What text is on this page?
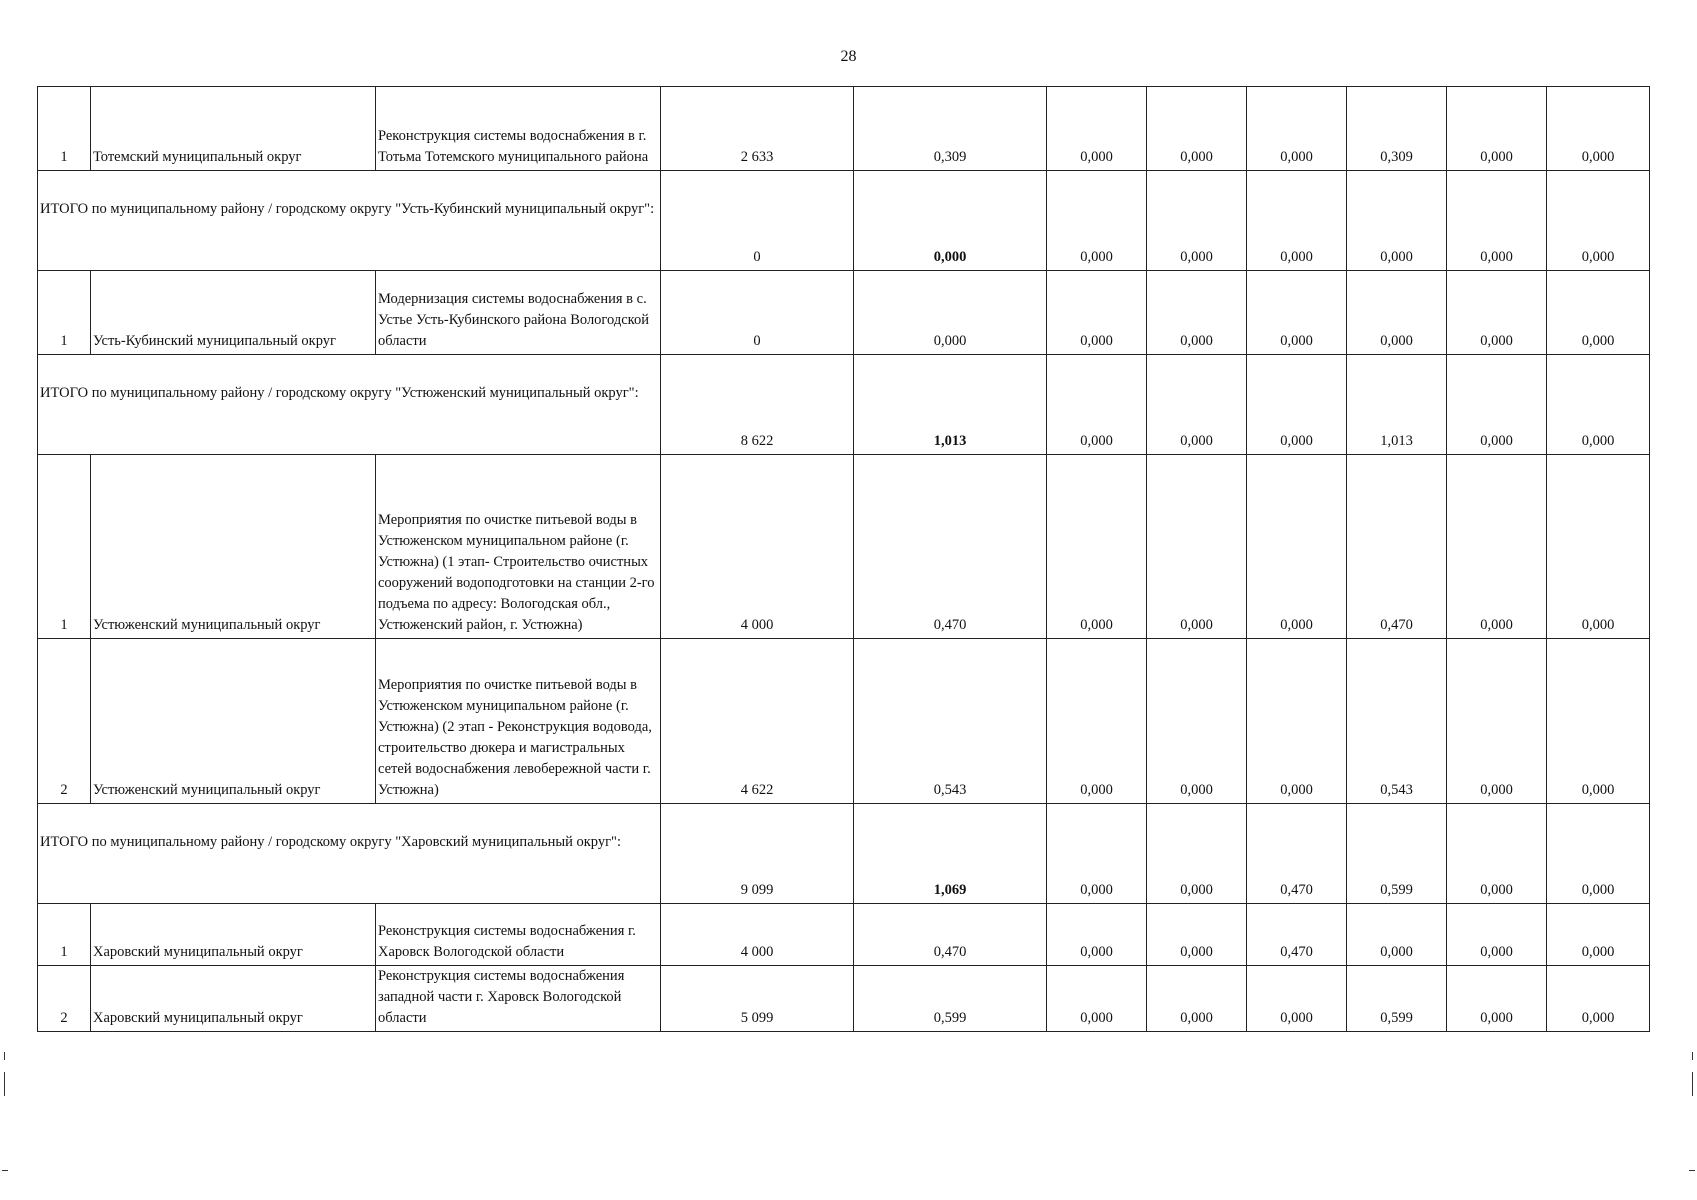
28
1	Тотемский муниципальный округ	Реконструкция системы водоснабжения в г. Тотьма Тотемского муниципального района	2 633	0,309	0,000	0,000	0,000	0,309	0,000	0,000
ИТОГО по муниципальному району / городскому округу "Усть-Кубинский муниципальный округ":			0	0,000	0,000	0,000	0,000	0,000	0,000	0,000
1	Усть-Кубинский муниципальный округ	Модернизация системы водоснабжения в с. Устье Усть-Кубинского района Вологодской области	0	0,000	0,000	0,000	0,000	0,000	0,000	0,000
ИТОГО по муниципальному району / городскому округу "Устюженский муниципальный округ":			8 622	1,013	0,000	0,000	0,000	1,013	0,000	0,000
1	Устюженский муниципальный округ	Мероприятия по очистке питьевой воды в Устюженском муниципальном районе (г. Устюжна) (1 этап- Строительство очистных сооружений водоподготовки на станции 2-го подъема по адресу: Вологодская обл., Устюженский район, г. Устюжна)	4 000	0,470	0,000	0,000	0,000	0,470	0,000	0,000
2	Устюженский муниципальный округ	Мероприятия по очистке питьевой воды в Устюженском муниципальном районе (г. Устюжна) (2 этап - Реконструкция водовода, строительство дюкера и магистральных сетей водоснабжения левобережной части г. Устюжна)	4 622	0,543	0,000	0,000	0,000	0,543	0,000	0,000
ИТОГО по муниципальному району / городскому округу "Харовский муниципальный округ":			9 099	1,069	0,000	0,000	0,470	0,599	0,000	0,000
1	Харовский муниципальный округ	Реконструкция системы водоснабжения г. Харовск Вологодской области	4 000	0,470	0,000	0,000	0,470	0,000	0,000	0,000
2	Харовский муниципальный округ	Реконструкция системы водоснабжения западной части г. Харовск Вологодской области	5 099	0,599	0,000	0,000	0,000	0,599	0,000	0,000
